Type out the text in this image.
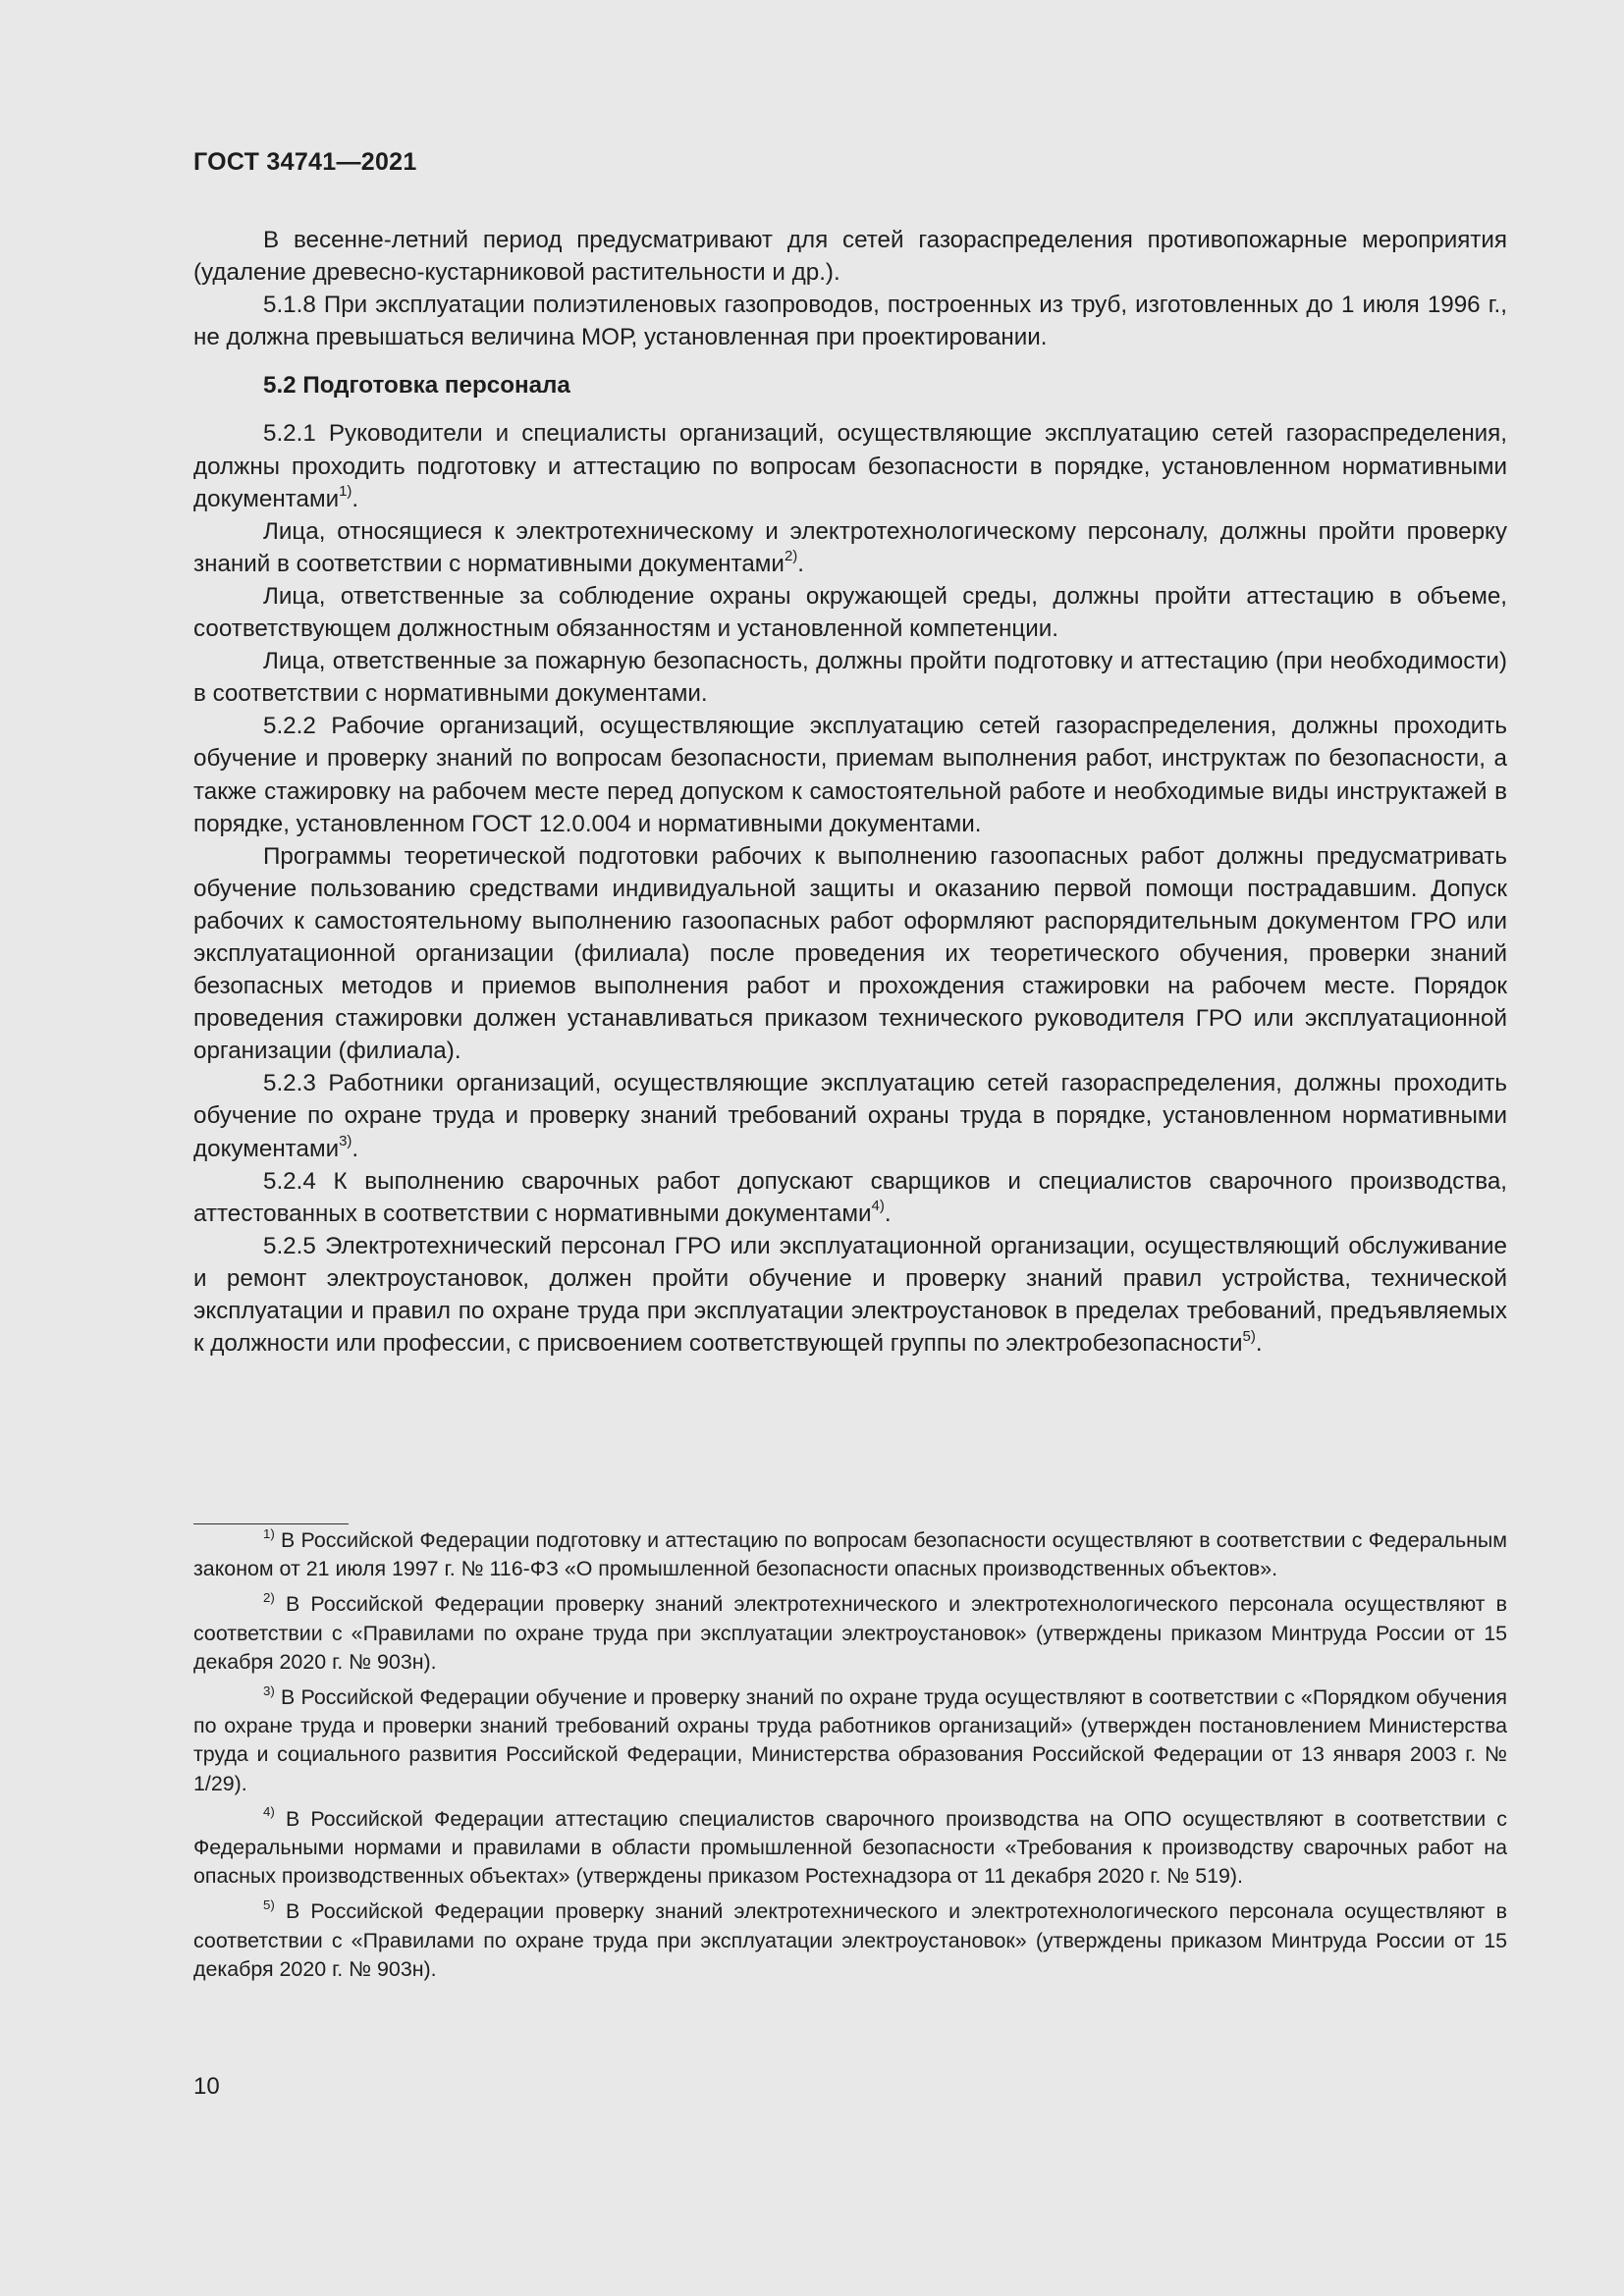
ГОСТ 34741—2021

В весенне-летний период предусматривают для сетей газораспределения противопожарные мероприятия (удаление древесно-кустарниковой растительности и др.).

5.1.8 При эксплуатации полиэтиленовых газопроводов, построенных из труб, изготовленных до 1 июля 1996 г., не должна превышаться величина МОР, установленная при проектировании.

5.2 Подготовка персонала

5.2.1 Руководители и специалисты организаций, осуществляющие эксплуатацию сетей газораспределения, должны проходить подготовку и аттестацию по вопросам безопасности в порядке, установленном нормативными документами$^{1)}$.

Лица, относящиеся к электротехническому и электротехнологическому персоналу, должны пройти проверку знаний в соответствии с нормативными документами$^{2)}$.

Лица, ответственные за соблюдение охраны окружающей среды, должны пройти аттестацию в объеме, соответствующем должностным обязанностям и установленной компетенции.

Лица, ответственные за пожарную безопасность, должны пройти подготовку и аттестацию (при необходимости) в соответствии с нормативными документами.

5.2.2 Рабочие организаций, осуществляющие эксплуатацию сетей газораспределения, должны проходить обучение и проверку знаний по вопросам безопасности, приемам выполнения работ, инструктаж по безопасности, а также стажировку на рабочем месте перед допуском к самостоятельной работе и необходимые виды инструктажей в порядке, установленном ГОСТ 12.0.004 и нормативными документами.

Программы теоретической подготовки рабочих к выполнению газоопасных работ должны предусматривать обучение пользованию средствами индивидуальной защиты и оказанию первой помощи пострадавшим. Допуск рабочих к самостоятельному выполнению газоопасных работ оформляют распорядительным документом ГРО или эксплуатационной организации (филиала) после проведения их теоретического обучения, проверки знаний безопасных методов и приемов выполнения работ и прохождения стажировки на рабочем месте. Порядок проведения стажировки должен устанавливаться приказом технического руководителя ГРО или эксплуатационной организации (филиала).

5.2.3 Работники организаций, осуществляющие эксплуатацию сетей газораспределения, должны проходить обучение по охране труда и проверку знаний требований охраны труда в порядке, установленном нормативными документами$^{3)}$.

5.2.4 К выполнению сварочных работ допускают сварщиков и специалистов сварочного производства, аттестованных в соответствии с нормативными документами$^{4)}$.

5.2.5 Электротехнический персонал ГРО или эксплуатационной организации, осуществляющий обслуживание и ремонт электроустановок, должен пройти обучение и проверку знаний правил устройства, технической эксплуатации и правил по охране труда при эксплуатации электроустановок в пределах требований, предъявляемых к должности или профессии, с присвоением соответствующей группы по электробезопасности$^{5)}$.

$^{1)}$ В Российской Федерации подготовку и аттестацию по вопросам безопасности осуществляют в соответствии с Федеральным законом от 21 июля 1997 г. № 116-ФЗ «О промышленной безопасности опасных производственных объектов».

$^{2)}$ В Российской Федерации проверку знаний электротехнического и электротехнологического персонала осуществляют в соответствии с «Правилами по охране труда при эксплуатации электроустановок» (утверждены приказом Минтруда России от 15 декабря 2020 г. № 903н).

$^{3)}$ В Российской Федерации обучение и проверку знаний по охране труда осуществляют в соответствии с «Порядком обучения по охране труда и проверки знаний требований охраны труда работников организаций» (утвержден постановлением Министерства труда и социального развития Российской Федерации, Министерства образования Российской Федерации от 13 января 2003 г. № 1/29).

$^{4)}$ В Российской Федерации аттестацию специалистов сварочного производства на ОПО осуществляют в соответствии с Федеральными нормами и правилами в области промышленной безопасности «Требования к производству сварочных работ на опасных производственных объектах» (утверждены приказом Ростехнадзора от 11 декабря 2020 г. № 519).

$^{5)}$ В Российской Федерации проверку знаний электротехнического и электротехнологического персонала осуществляют в соответствии с «Правилами по охране труда при эксплуатации электроустановок» (утверждены приказом Минтруда России от 15 декабря 2020 г. № 903н).

10
